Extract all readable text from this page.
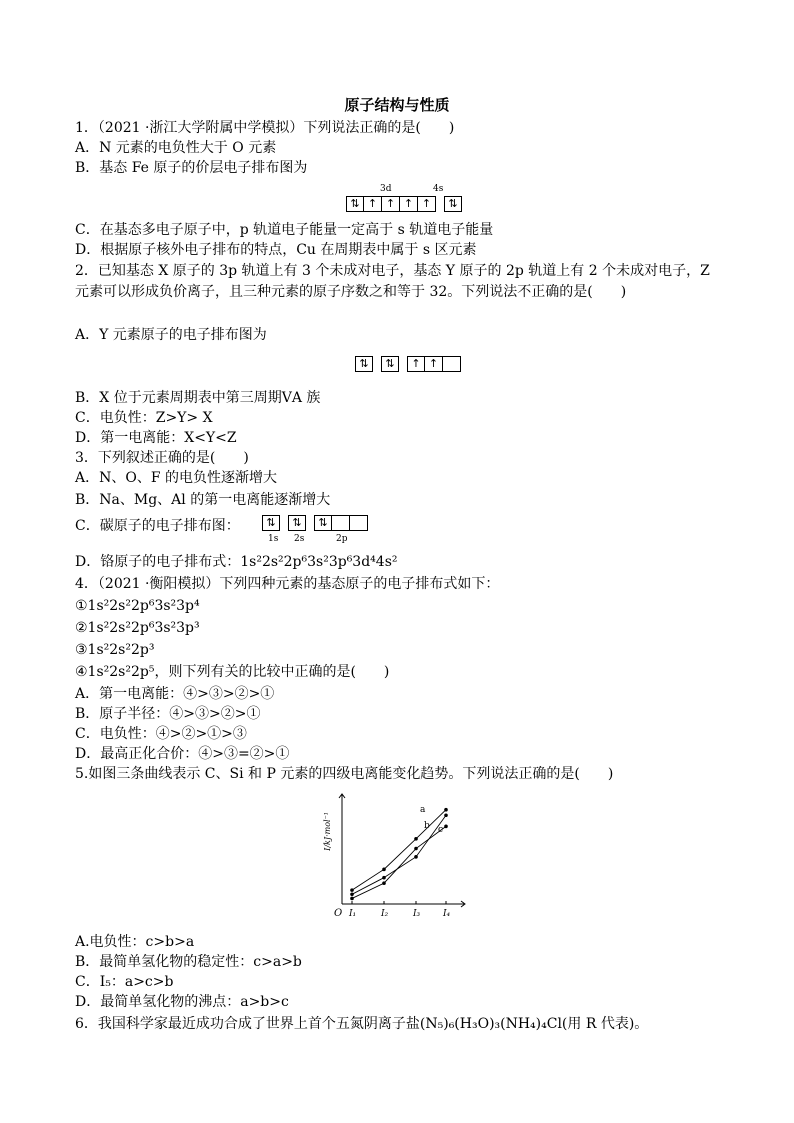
原子结构与性质
1．（2021 ·浙江大学附属中学模拟）下列说法正确的是(　　)
A．N 元素的电负性大于 O 元素
B．基态 Fe 原子的价层电子排布图为
3d	4s
⇅ ↑ ↑ ↑ ↑	⇅
C．在基态多电子原子中，p 轨道电子能量一定高于 s 轨道电子能量
D．根据原子核外电子排布的特点，Cu 在周期表中属于 s 区元素
2．已知基态 X 原子的 3p 轨道上有 3 个未成对电子，基态 Y 原子的 2p 轨道上有 2 个未成对电子，Z 元素可以形成负价离子，且三种元素的原子序数之和等于 32。下列说法不正确的是(　　)
A．Y 元素原子的电子排布图为
⇅	⇅	↑ ↑
B．X 位于元素周期表中第三周期ⅤA 族
C．电负性：Z>Y> X
D．第一电离能：X<Y<Z
3．下列叙述正确的是(　　)
A．N、O、F 的电负性逐渐增大
B．Na、Mg、Al 的第一电离能逐渐增大
C．碳原子的电子排布图：	⇅	⇅	⇅
1s 2s	2p
D．铬原子的电子排布式：1s²2s²2p⁶3s²3p⁶3d⁴4s²
4．（2021 ·衡阳模拟）下列四种元素的基态原子的电子排布式如下：
①1s²2s²2p⁶3s²3p⁴
②1s²2s²2p⁶3s²3p³
③1s²2s²2p³
④1s²2s²2p⁵，则下列有关的比较中正确的是(　　)
A．第一电离能：④>③>②>①
B．原子半径：④>③>②>①
C．电负性：④>②>①>③
D．最高正化合价：④>③=②>①
5.如图三条曲线表示 C、Si 和 P 元素的四级电离能变化趋势。下列说法正确的是(　　)
O
I/kJ·mol⁻¹
I₁	I₂	I₃	I₄
a
b c
A.电负性：c>b>a
B．最简单氢化物的稳定性：c>a>b
C．I₅：a>c>b
D．最简单氢化物的沸点：a>b>c
6．我国科学家最近成功合成了世界上首个五氮阴离子盐(N₅)₆(H₃O)₃(NH₄)₄Cl(用 R 代表)。
